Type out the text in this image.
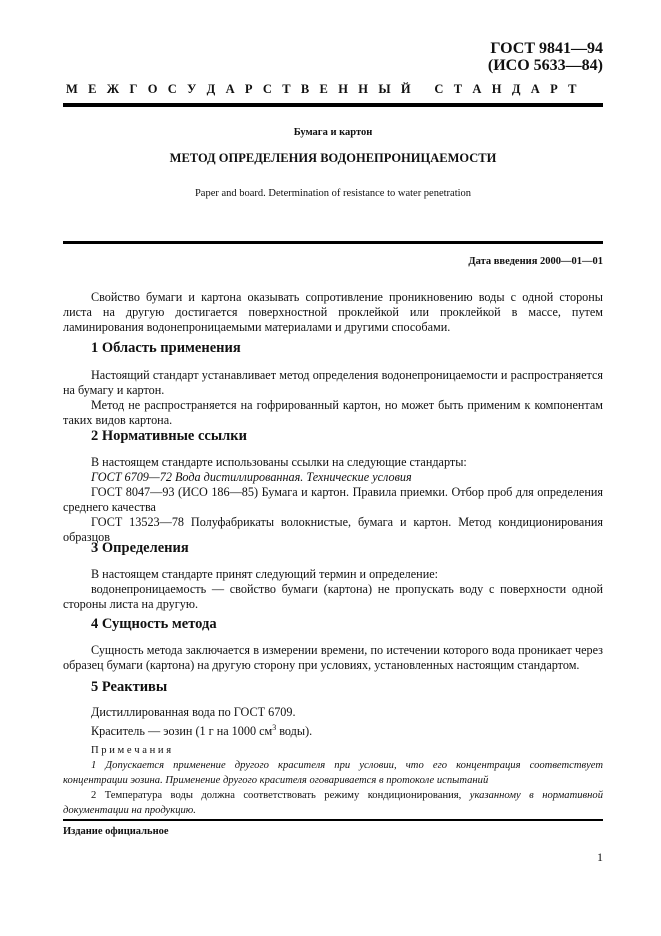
ГОСТ 9841—94
(ИСО 5633—84)
М Е Ж Г О С У Д А Р С Т В Е Н Н Ы Й   С Т А Н Д А Р Т
Бумага и картон
МЕТОД ОПРЕДЕЛЕНИЯ ВОДОНЕПРОНИЦАЕМОСТИ
Paper and board. Determination of resistance to water penetration
Дата введения 2000—01—01

Свойство бумаги и картона оказывать сопротивление проникновению воды с одной стороны листа на другую достигается поверхностной проклейкой или проклейкой в массе, путем ламинирования водонепроницаемыми материалами и другими способами.

1 Область применения

Настоящий стандарт устанавливает метод определения водонепроницаемости и распространяется на бумагу и картон.

Метод не распространяется на гофрированный картон, но может быть применим к компонентам таких видов картона.

2 Нормативные ссылки

В настоящем стандарте использованы ссылки на следующие стандарты:

ГОСТ 6709—72 Вода дистиллированная. Технические условия

ГОСТ 8047—93 (ИСО 186—85) Бумага и картон. Правила приемки. Отбор проб для определения среднего качества

ГОСТ 13523—78 Полуфабрикаты волокнистые, бумага и картон. Метод кондиционирования образцов

3 Определения

В настоящем стандарте принят следующий термин и определение:

водонепроницаемость — свойство бумаги (картона) не пропускать воду с поверхности одной стороны листа на другую.

4 Сущность метода

Сущность метода заключается в измерении времени, по истечении которого вода проникает через образец бумаги (картона) на другую сторону при условиях, установленных настоящим стандартом.

5 Реактивы

Дистиллированная вода по ГОСТ 6709.

Краситель — эозин (1 г на 1000 $см^3$ воды).

П р и м е ч а н и я

1 Допускается применение другого красителя при условии, что его концентрация соответствует концентрации эозина. Применение другого красителя оговаривается в протоколе испытаний

2 Температура воды должна соответствовать режиму кондиционирования, указанному в нормативной документации на продукцию.

Издание официальное
1
